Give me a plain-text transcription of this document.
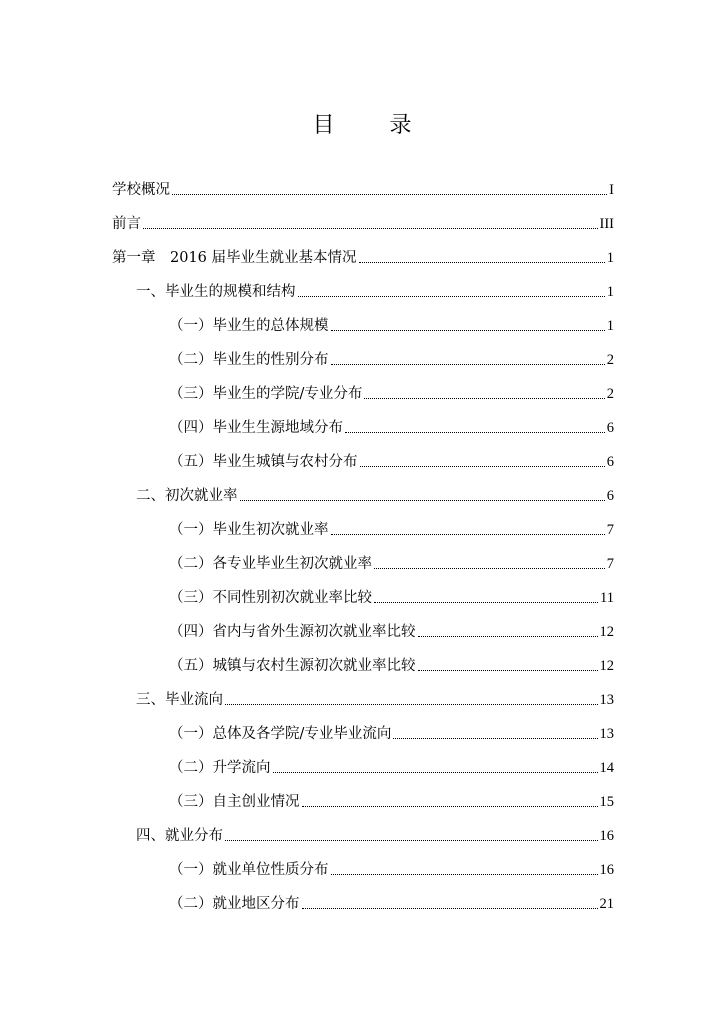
目 录
学校概况	I
前言	III
第一章　2016 届毕业生就业基本情况	1
一、毕业生的规模和结构	1
（一）毕业生的总体规模	1
（二）毕业生的性别分布	2
（三）毕业生的学院/专业分布	2
（四）毕业生生源地域分布	6
（五）毕业生城镇与农村分布	6
二、初次就业率	6
（一）毕业生初次就业率	7
（二）各专业毕业生初次就业率	7
（三）不同性别初次就业率比较	11
（四）省内与省外生源初次就业率比较	12
（五）城镇与农村生源初次就业率比较	12
三、毕业流向	13
（一）总体及各学院/专业毕业流向	13
（二）升学流向	14
（三）自主创业情况	15
四、就业分布	16
（一）就业单位性质分布	16
（二）就业地区分布	21
